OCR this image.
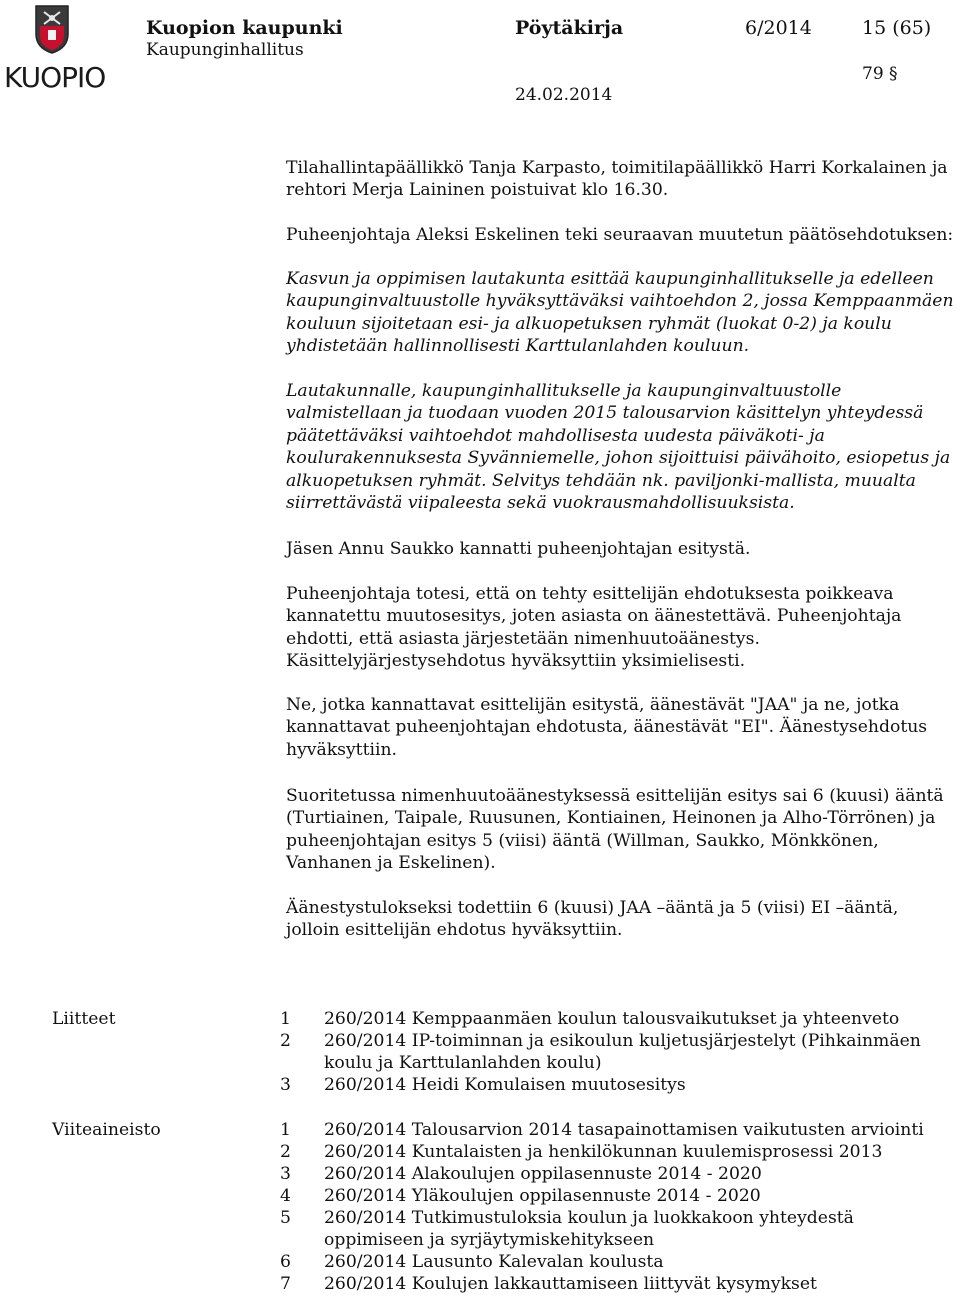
KUOPIO
Kuopion kaupunki
Kaupunginhallitus
Pöytäkirja	6/2014	15 (65)
79 §
24.02.2014

Tilahallintapäällikkö Tanja Karpasto, toimitilapäällikkö Harri Korkalainen ja rehtori Merja Laininen poistuivat klo 16.30.

Puheenjohtaja Aleksi Eskelinen teki seuraavan muutetun päätösehdotuksen:

Kasvun ja oppimisen lautakunta esittää kaupunginhallitukselle ja edelleen kaupunginvaltuustolle hyväksyttäväksi vaihtoehdon 2, jossa Kemppaanmäen kouluun sijoitetaan esi- ja alkuopetuksen ryhmät (luokat 0-2) ja koulu yhdistetään hallinnollisesti Karttulanlahden kouluun.

Lautakunnalle, kaupunginhallitukselle ja kaupunginvaltuustolle valmistellaan ja tuodaan vuoden 2015 talousarvion käsittelyn yhteydessä päätettäväksi vaihtoehdot mahdollisesta uudesta päiväkoti- ja koulurakennuksesta Syvänniemelle, johon sijoittuisi päivähoito, esiopetus ja alkuopetuksen ryhmät. Selvitys tehdään nk. paviljonki-mallista, muualta siirrettävästä viipaleesta sekä vuokrausmahdollisuuksista.

Jäsen Annu Saukko kannatti puheenjohtajan esitystä.

Puheenjohtaja totesi, että on tehty esittelijän ehdotuksesta poikkeava kannatettu muutosesitys, joten asiasta on äänestettävä. Puheenjohtaja ehdotti, että asiasta järjestetään nimenhuutoäänestys. Käsittelyjärjestysehdotus hyväksyttiin yksimielisesti.

Ne, jotka kannattavat esittelijän esitystä, äänestävät "JAA" ja ne, jotka kannattavat puheenjohtajan ehdotusta, äänestävät "EI". Äänestysehdotus hyväksyttiin.

Suoritetussa nimenhuutoäänestyksessä esittelijän esitys sai 6 (kuusi) ääntä (Turtiainen, Taipale, Ruusunen, Kontiainen, Heinonen ja Alho-Törrönen) ja puheenjohtajan esitys 5 (viisi) ääntä (Willman, Saukko, Mönkkönen, Vanhanen ja Eskelinen).

Äänestystulokseksi todettiin 6 (kuusi) JAA –ääntä ja 5 (viisi) EI –ääntä, jolloin esittelijän ehdotus hyväksyttiin.

Liitteet	1	260/2014 Kemppaanmäen koulun talousvaikutukset ja yhteenveto
2	260/2014 IP-toiminnan ja esikoulun kuljetusjärjestelyt (Pihkainmäen koulu ja Karttulanlahden koulu)
3	260/2014 Heidi Komulaisen muutosesitys
Viiteaineisto	1	260/2014 Talousarvion 2014 tasapainottamisen vaikutusten arviointi
2	260/2014 Kuntalaisten ja henkilökunnan kuulemisprosessi 2013
3	260/2014 Alakoulujen oppilasennuste 2014 - 2020
4	260/2014 Yläkoulujen oppilasennuste 2014 - 2020
5	260/2014 Tutkimustuloksia koulun ja luokkakoon yhteydestä oppimiseen ja syrjäytymiskehitykseen
6	260/2014 Lausunto Kalevalan koulusta
7	260/2014 Koulujen lakkauttamiseen liittyvät kysymykset
